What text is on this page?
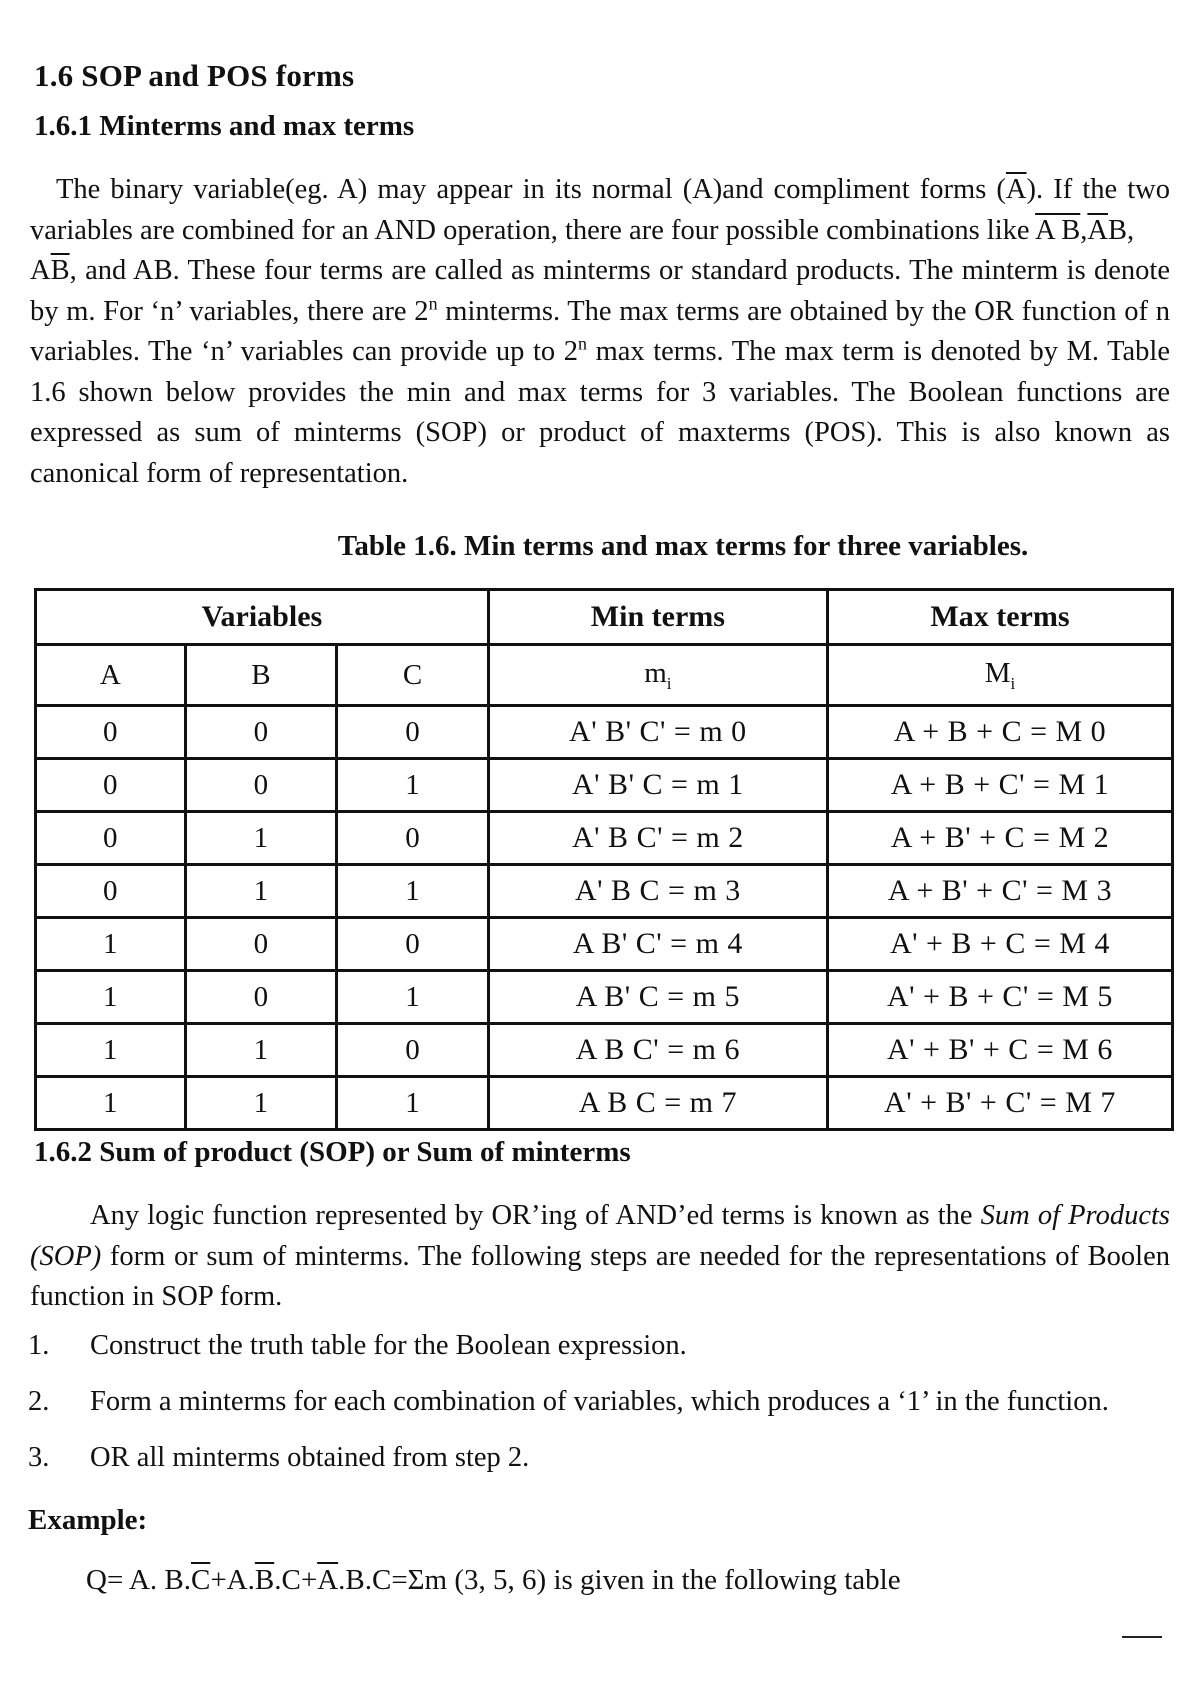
1.6 SOP and POS forms
1.6.1 Minterms and max terms

The binary variable(eg. A) may appear in its normal (A)and compliment forms $(\overline{A})$. If the two variables are combined for an AND operation, there are four possible combinations like A $B,\overline{A}B$,
$A\overline{B}$, and AB. These four terms are called as minterms or standard products. The minterm is denote by m. For ‘n’ variables, there are 2$^n$ minterms. The max terms are obtained by the OR function of n variables. The ‘n’ variables can provide up to 2$^n$ max terms. The max term is denoted by M. Table 1.6 shown below provides the min and max terms for 3 variables. The Boolean functions are expressed as sum of minterms (SOP) or product of maxterms (POS). This is also known as canonical form of representation.

Table 1.6. Min terms and max terms for three variables.
Variables			Min terms	Max terms
A	B	C	$m_i$	$M_i$
0	0	0	A' B' C' = m 0	A + B + C = M 0
0	0	1	A' B' C = m 1	A + B + C' = M 1
0	1	0	A' B C' = m 2	A + B' + C = M 2
0	1	1	A' B C = m 3	A + B' + C' = M 3
1	0	0	A B' C' = m 4	A' + B + C = M 4
1	0	1	A B' C = m 5	A' + B + C' = M 5
1	1	0	A B C' = m 6	A' + B' + C = M 6
1	1	1	A B C = m 7	A' + B' + C' = M 7
1.6.2 Sum of product (SOP) or Sum of minterms

Any logic function represented by OR’ing of AND’ed terms is known as the Sum of Products (SOP) form or sum of minterms. The following steps are needed for the representations of Boolen function in SOP form.

1. Construct the truth table for the Boolean expression.
2. Form a minterms for each combination of variables, which produces a ‘1’ in the function.
3. OR all minterms obtained from step 2.
Example:
Q= A. $B.\overline{C}+A.\overline{B}.C+\overline{A}.B.C=\Sigma m$ (3, 5, 6) is given in the following table
